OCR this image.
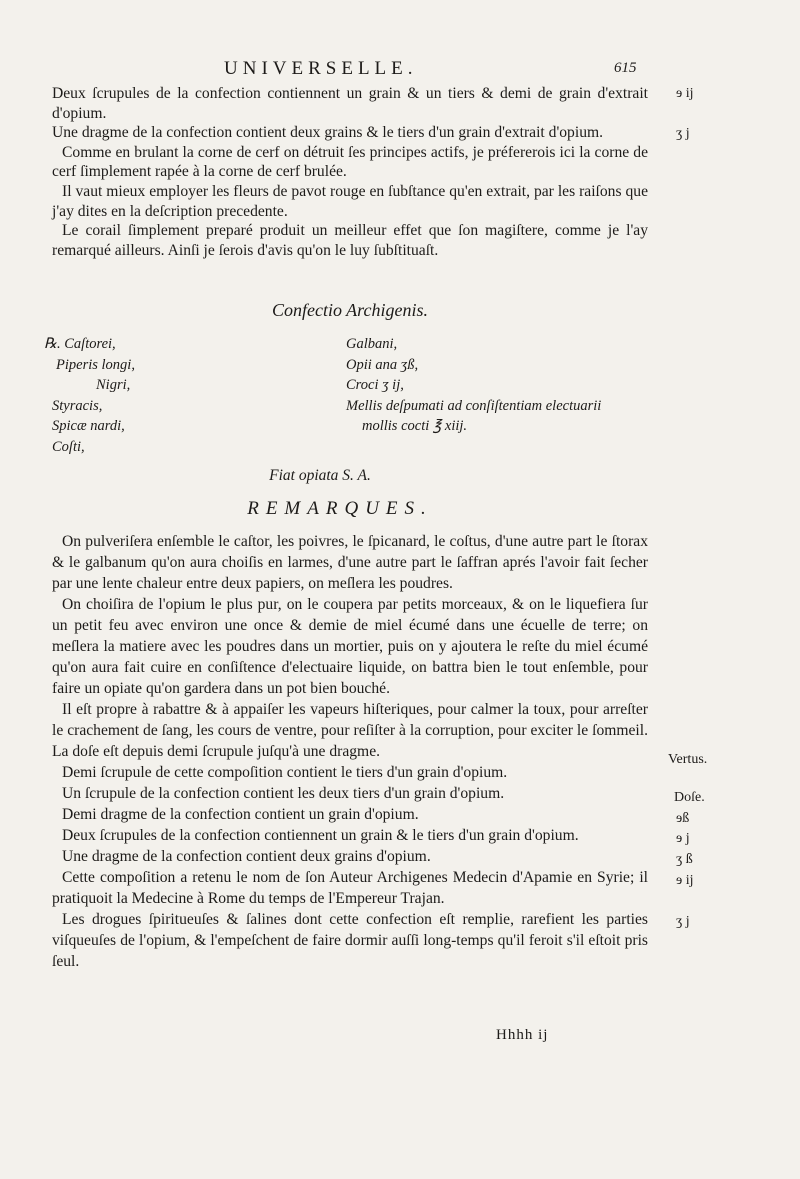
UNIVERSELLE.	615

Deux ſcrupules de la confection contiennent un grain & un tiers & demi de grain d'extrait d'opium.

Une dragme de la confection contient deux grains & le tiers d'un grain d'extrait d'opium.

Comme en brulant la corne de cerf on détruit ſes principes actifs, je préfererois ici la corne de cerf ſimplement rapée à la corne de cerf brulée.

Il vaut mieux employer les fleurs de pavot rouge en ſubſtance qu'en extrait, par les raiſons que j'ay dites en la deſcription precedente.

Le corail ſimplement preparé produit un meilleur effet que ſon magiſtere, comme je l'ay remarqué ailleurs. Ainſi je ſerois d'avis qu'on le luy ſubſtituaſt.

ɘ ij
ʒ j
Confectio Archigenis.
℞. Caſtorei,
Piperis longi,
Nigri,
Styracis,
Spicæ nardi,
Coſti,
Galbani,
Opii ana ʒß,
Croci ʒ ij,
Mellis deſpumati ad conſiſtentiam electuarii
mollis cocti ℥ xiij.
Fiat opiata S. A.
REMARQUES.

On pulveriſera enſemble le caſtor, les poivres, le ſpicanard, le coſtus, d'une autre part le ſtorax & le galbanum qu'on aura choiſis en larmes, d'une autre part le ſaffran aprés l'avoir fait ſecher par une lente chaleur entre deux papiers, on meſlera les poudres.

On choiſira de l'opium le plus pur, on le coupera par petits morceaux, & on le liquefiera ſur un petit feu avec environ une once & demie de miel écumé dans une écuelle de terre; on meſlera la matiere avec les poudres dans un mortier, puis on y ajoutera le reſte du miel écumé qu'on aura fait cuire en conſiſtence d'electuaire liquide, on battra bien le tout enſemble, pour faire un opiate qu'on gardera dans un pot bien bouché.

Il eſt propre à rabattre & à appaiſer les vapeurs hiſteriques, pour calmer la toux, pour arreſter le crachement de ſang, les cours de ventre, pour reſiſter à la corruption, pour exciter le ſommeil. La doſe eſt depuis demi ſcrupule juſqu'à une dragme.

Demi ſcrupule de cette compoſition contient le tiers d'un grain d'opium.

Un ſcrupule de la confection contient les deux tiers d'un grain d'opium.

Demi dragme de la confection contient un grain d'opium.

Deux ſcrupules de la confection contiennent un grain & le tiers d'un grain d'opium.

Une dragme de la confection contient deux grains d'opium.

Cette compoſition a retenu le nom de ſon Auteur Archigenes Medecin d'Apamie en Syrie; il pratiquoit la Medecine à Rome du temps de l'Empereur Trajan.

Les drogues ſpiritueuſes & ſalines dont cette confection eſt remplie, rarefient les parties viſqueuſes de l'opium, & l'empeſchent de faire dormir auſſi long-temps qu'il feroit s'il eſtoit pris ſeul.

Vertus.
Doſe.
ɘß
ɘ j
ʒ ß
ɘ ij
ʒ j
Hhhh ij
